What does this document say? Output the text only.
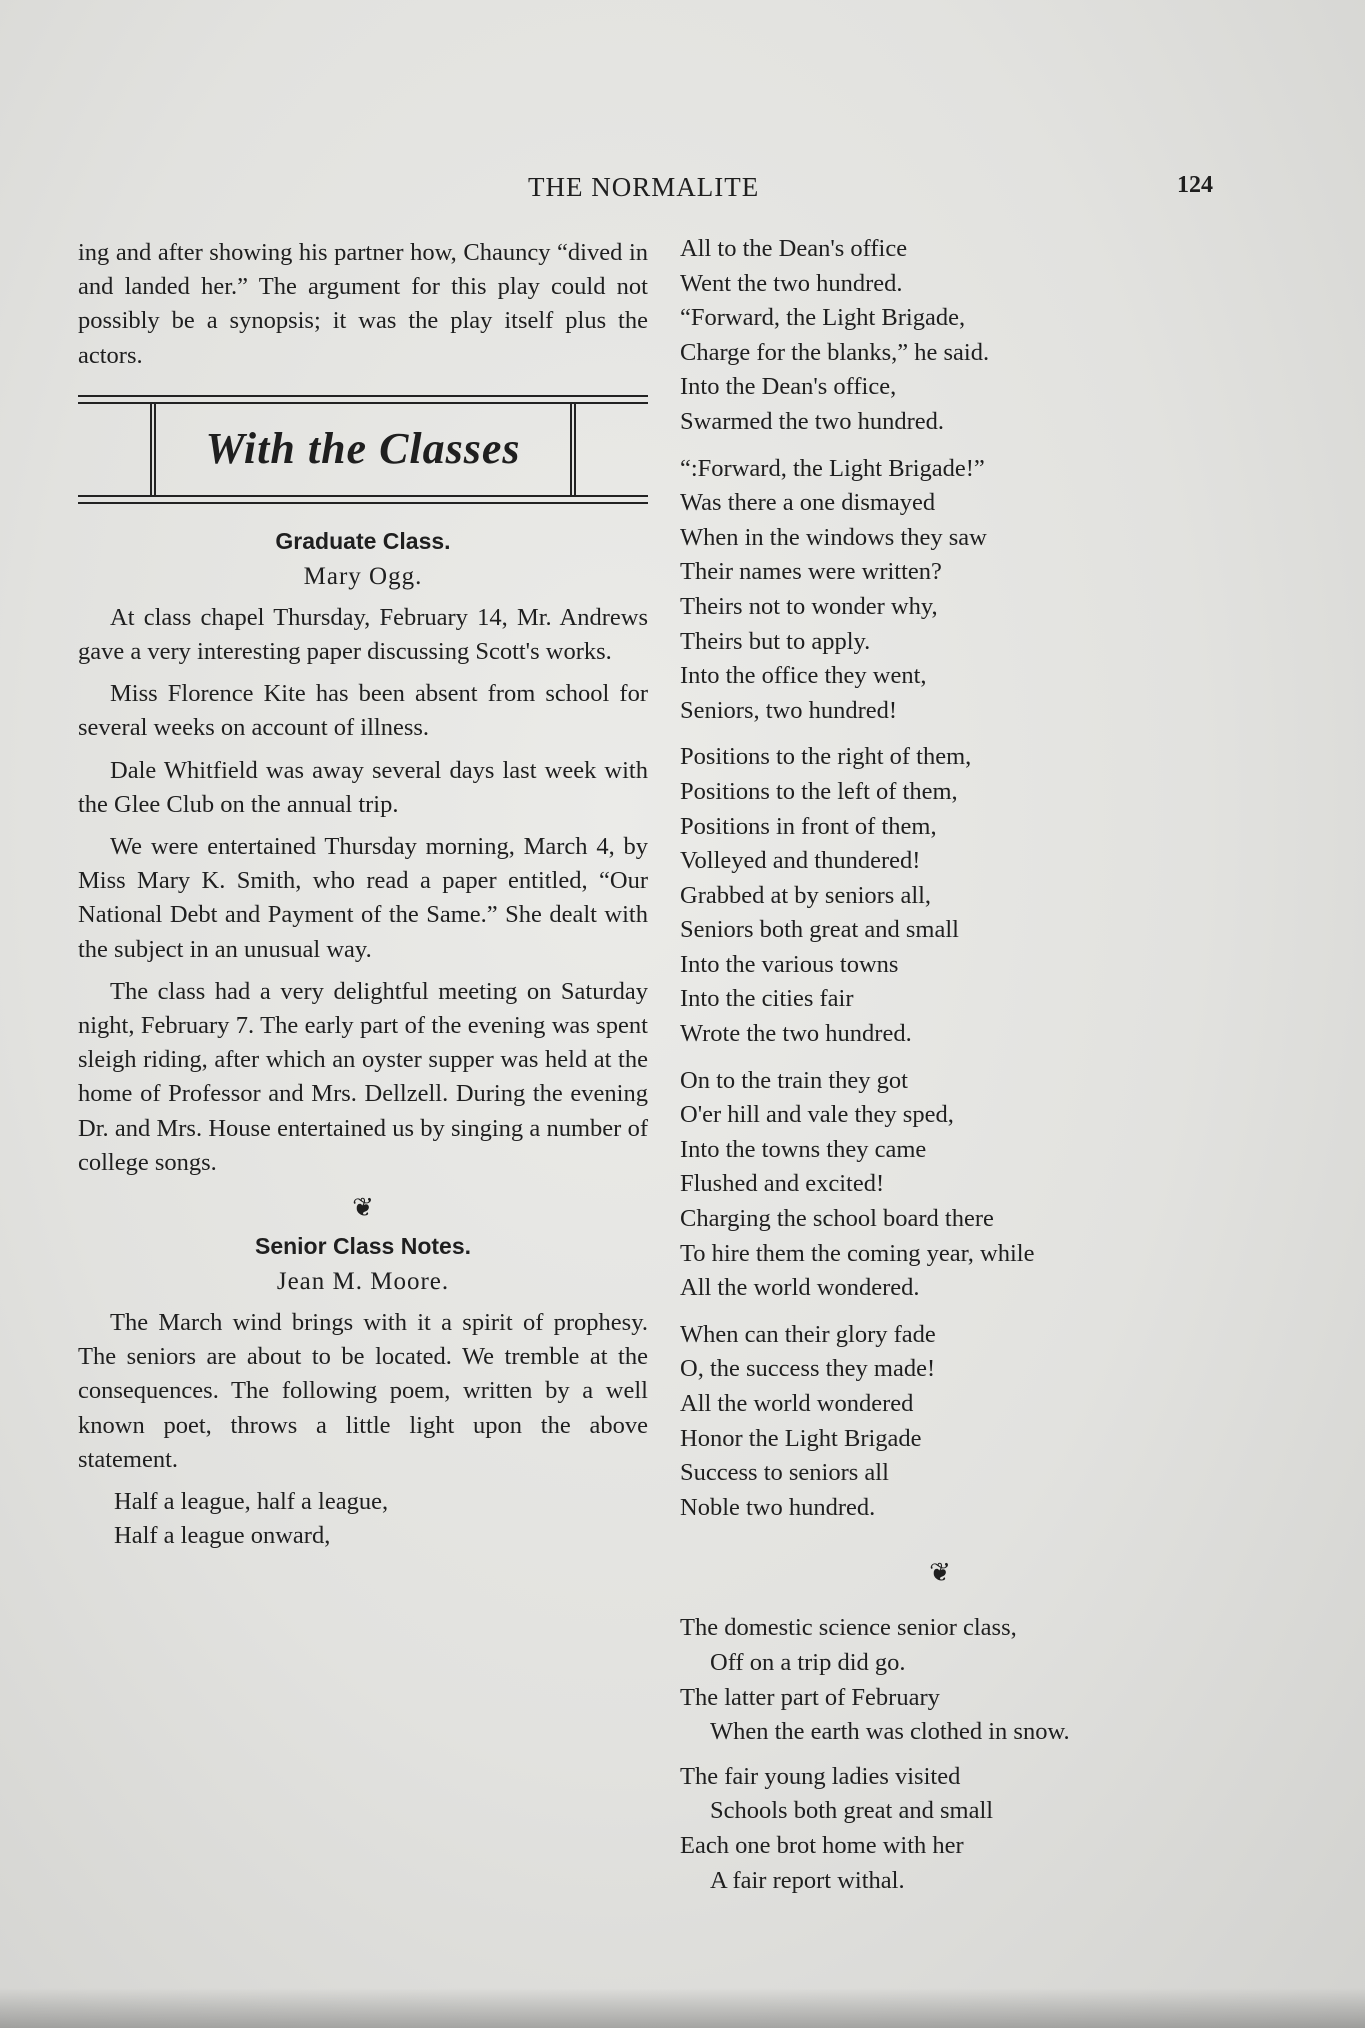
THE NORMALITE	124

ing and after showing his partner how, Chauncy “dived in and landed her.” The argument for this play could not possibly be a synopsis; it was the play itself plus the actors.

With the Classes
Graduate Class.
Mary Ogg.

At class chapel Thursday, February 14, Mr. Andrews gave a very interesting paper discussing Scott's works.

Miss Florence Kite has been absent from school for several weeks on account of illness.

Dale Whitfield was away several days last week with the Glee Club on the annual trip.

We were entertained Thursday morning, March 4, by Miss Mary K. Smith, who read a paper entitled, “Our National Debt and Payment of the Same.” She dealt with the subject in an unusual way.

The class had a very delightful meeting on Saturday night, February 7. The early part of the evening was spent sleigh riding, after which an oyster supper was held at the home of Professor and Mrs. Dellzell. During the evening Dr. and Mrs. House entertained us by singing a number of college songs.

❦
Senior Class Notes.
Jean M. Moore.

The March wind brings with it a spirit of prophesy. The seniors are about to be located. We tremble at the consequences. The following poem, written by a well known poet, throws a little light upon the above statement.

Half a league, half a league,
Half a league onward,
All to the Dean's office
Went the two hundred.
“Forward, the Light Brigade,
Charge for the blanks,” he said.
Into the Dean's office,
Swarmed the two hundred.
“:Forward, the Light Brigade!”
Was there a one dismayed
When in the windows they saw
Their names were written?
Theirs not to wonder why,
Theirs but to apply.
Into the office they went,
Seniors, two hundred!
Positions to the right of them,
Positions to the left of them,
Positions in front of them,
Volleyed and thundered!
Grabbed at by seniors all,
Seniors both great and small
Into the various towns
Into the cities fair
Wrote the two hundred.
On to the train they got
O'er hill and vale they sped,
Into the towns they came
Flushed and excited!
Charging the school board there
To hire them the coming year, while
All the world wondered.
When can their glory fade
O, the success they made!
All the world wondered
Honor the Light Brigade
Success to seniors all
Noble two hundred.
❦
The domestic science senior class,
Off on a trip did go.
The latter part of February
When the earth was clothed in snow.
The fair young ladies visited
Schools both great and small
Each one brot home with her
A fair report withal.
